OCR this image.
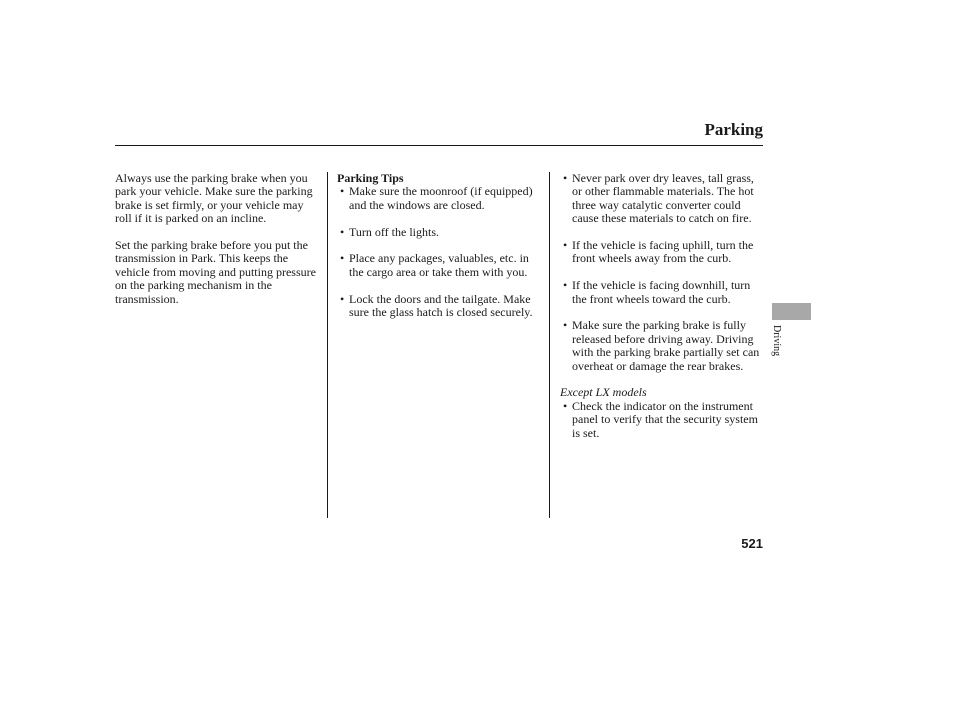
Parking

Always use the parking brake when you park your vehicle. Make sure the parking brake is set firmly, or your vehicle may roll if it is parked on an incline.

Set the parking brake before you put the transmission in Park. This keeps the vehicle from moving and putting pressure on the parking mechanism in the transmission.

Parking Tips
• Make sure the moonroof (if equipped) and the windows are closed.
• Turn off the lights.
• Place any packages, valuables, etc. in the cargo area or take them with you.
• Lock the doors and the tailgate. Make sure the glass hatch is closed securely.
• Never park over dry leaves, tall grass, or other flammable materials. The hot three way catalytic converter could cause these materials to catch on fire.
• If the vehicle is facing uphill, turn the front wheels away from the curb.
• If the vehicle is facing downhill, turn the front wheels toward the curb.
• Make sure the parking brake is fully released before driving away. Driving with the parking brake partially set can overheat or damage the rear brakes.
Except LX models
• Check the indicator on the instrument panel to verify that the security system is set.
Driving
521
